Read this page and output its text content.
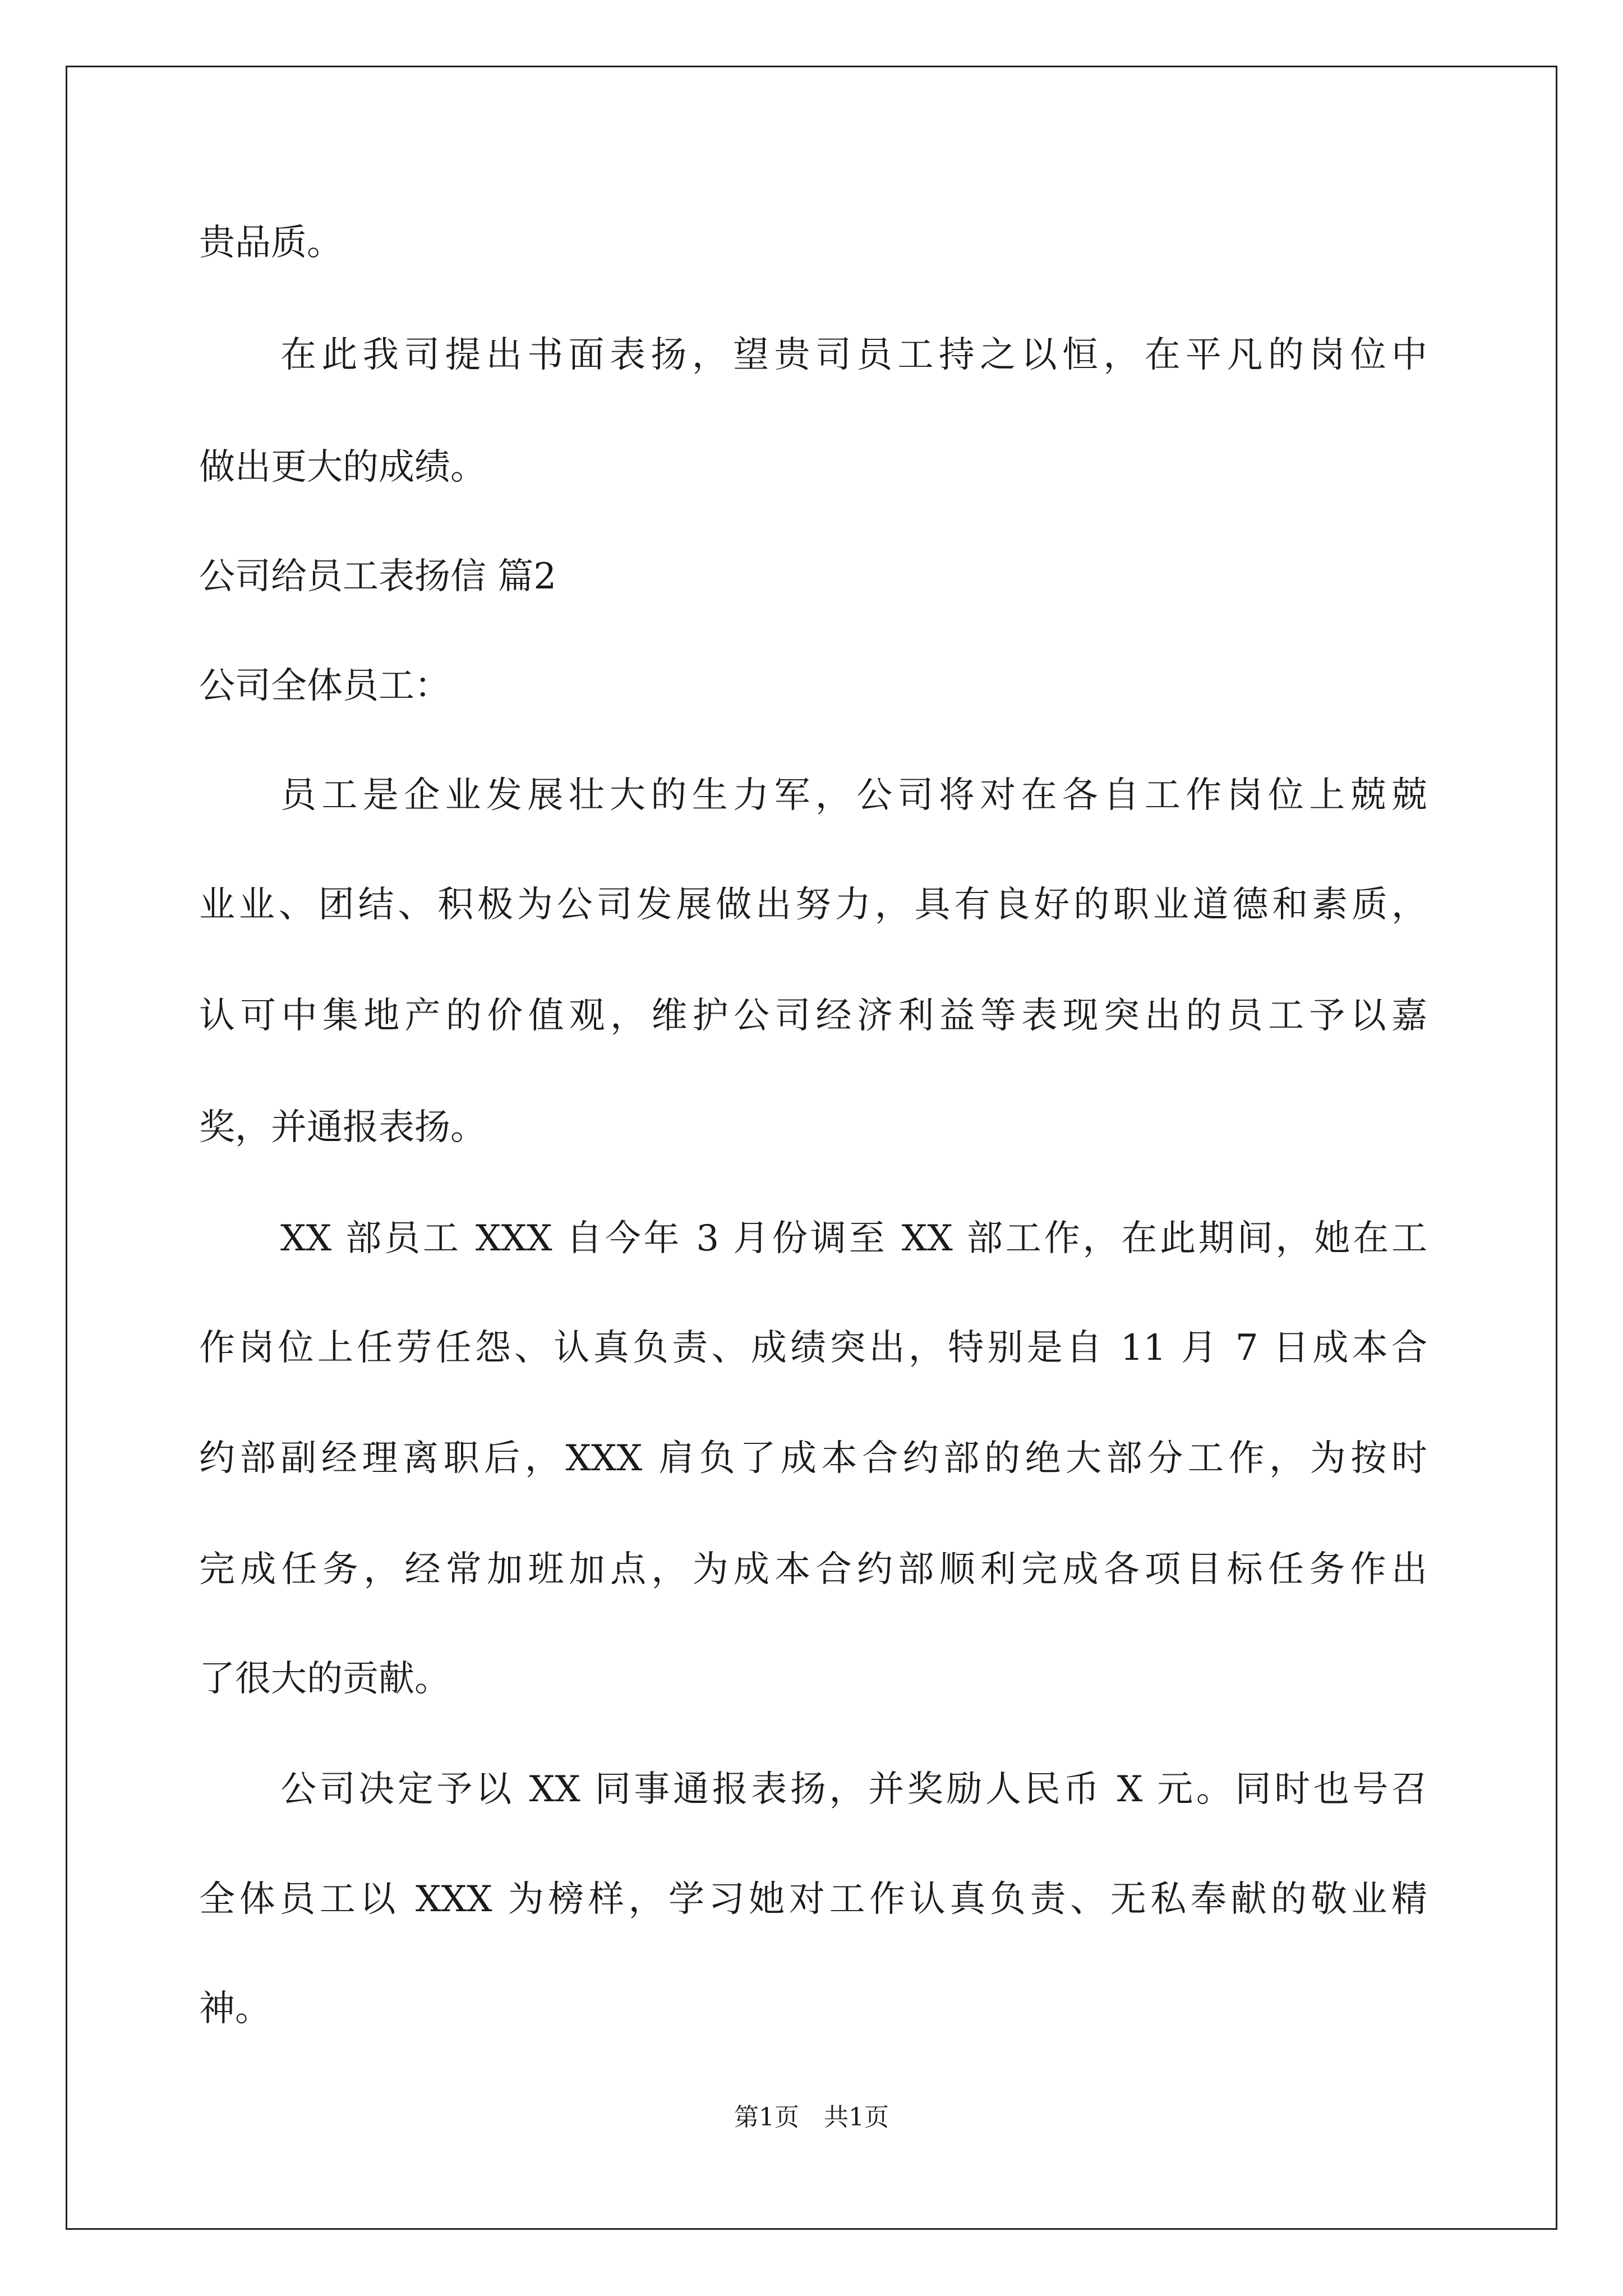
贵品质。
在此我司提出书面表扬，望贵司员工持之以恒，在平凡的岗位中
做出更大的成绩。
公司给员工表扬信 篇2
公司全体员工：
员工是企业发展壮大的生力军，公司将对在各自工作岗位上兢兢
业业、团结、积极为公司发展做出努力，具有良好的职业道德和素质，
认可中集地产的价值观，维护公司经济利益等表现突出的员工予以嘉
奖，并通报表扬。
XX 部员工 XXX 自今年 3 月份调至 XX 部工作，在此期间，她在工
作岗位上任劳任怨、认真负责、成绩突出，特别是自 11 月 7 日成本合
约部副经理离职后，XXX 肩负了成本合约部的绝大部分工作，为按时
完成任务，经常加班加点，为成本合约部顺利完成各项目标任务作出
了很大的贡献。
公司决定予以 XX 同事通报表扬，并奖励人民币 X 元。同时也号召
全体员工以 XXX 为榜样，学习她对工作认真负责、无私奉献的敬业精
神。
第1页　共1页
